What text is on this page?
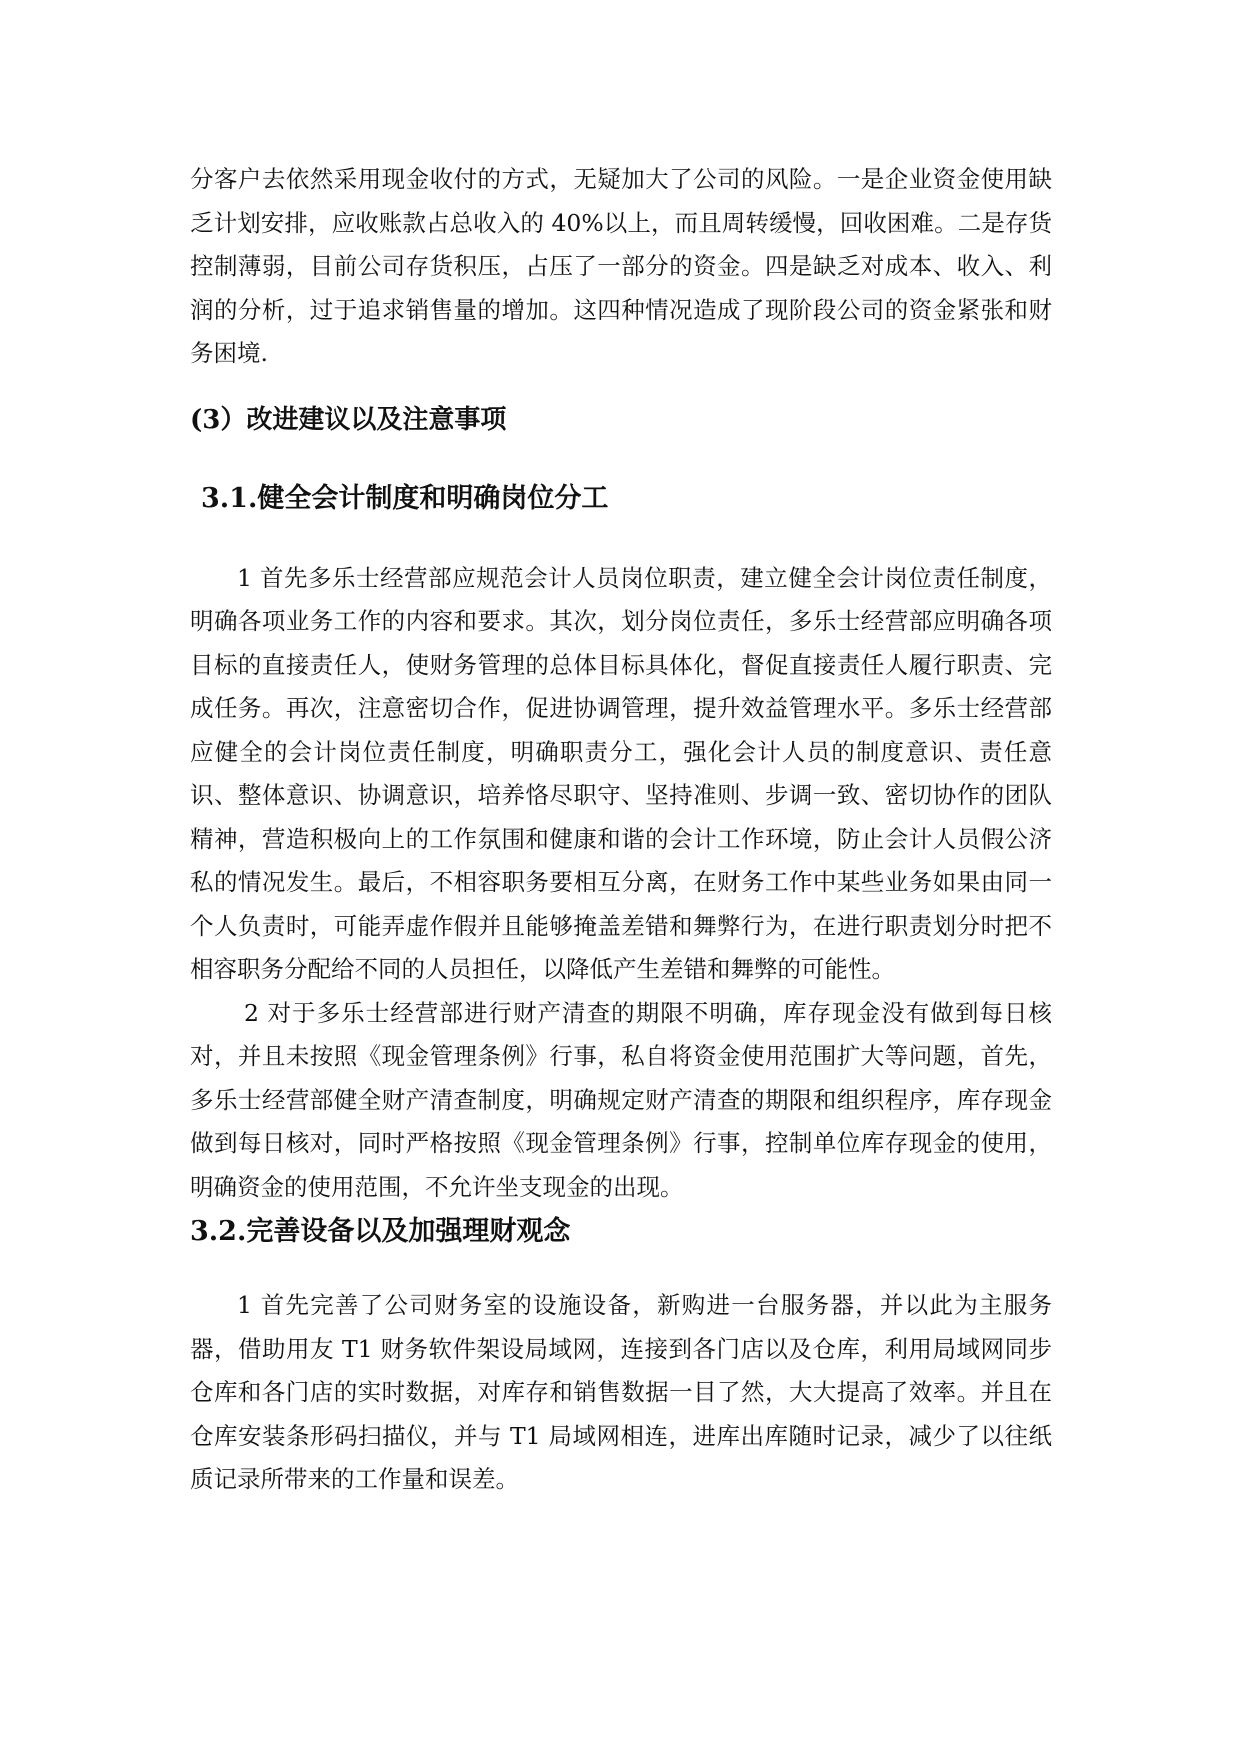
分客户去依然采用现金收付的方式，无疑加大了公司的风险。一是企业资金使用缺乏计划安排，应收账款占总收入的 40%以上，而且周转缓慢，回收困难。二是存货控制薄弱，目前公司存货积压，占压了一部分的资金。四是缺乏对成本、收入、利润的分析，过于追求销售量的增加。这四种情况造成了现阶段公司的资金紧张和财务困境.

(3）改进建议以及注意事项
3.1.健全会计制度和明确岗位分工

1 首先多乐士经营部应规范会计人员岗位职责，建立健全会计岗位责任制度，明确各项业务工作的内容和要求。其次，划分岗位责任，多乐士经营部应明确各项目标的直接责任人，使财务管理的总体目标具体化，督促直接责任人履行职责、完成任务。再次，注意密切合作，促进协调管理，提升效益管理水平。多乐士经营部应健全的会计岗位责任制度，明确职责分工，强化会计人员的制度意识、责任意识、整体意识、协调意识，培养恪尽职守、坚持准则、步调一致、密切协作的团队精神，营造积极向上的工作氛围和健康和谐的会计工作环境，防止会计人员假公济私的情况发生。最后，不相容职务要相互分离，在财务工作中某些业务如果由同一个人负责时，可能弄虚作假并且能够掩盖差错和舞弊行为，在进行职责划分时把不相容职务分配给不同的人员担任，以降低产生差错和舞弊的可能性。

2 对于多乐士经营部进行财产清查的期限不明确，库存现金没有做到每日核对，并且未按照《现金管理条例》行事，私自将资金使用范围扩大等问题，首先，多乐士经营部健全财产清查制度，明确规定财产清查的期限和组织程序，库存现金做到每日核对，同时严格按照《现金管理条例》行事，控制单位库存现金的使用，明确资金的使用范围，不允许坐支现金的出现。

3.2.完善设备以及加强理财观念

1 首先完善了公司财务室的设施设备，新购进一台服务器，并以此为主服务器，借助用友 T1 财务软件架设局域网，连接到各门店以及仓库，利用局域网同步仓库和各门店的实时数据，对库存和销售数据一目了然，大大提高了效率。并且在仓库安装条形码扫描仪，并与 T1 局域网相连，进库出库随时记录，减少了以往纸质记录所带来的工作量和误差。
